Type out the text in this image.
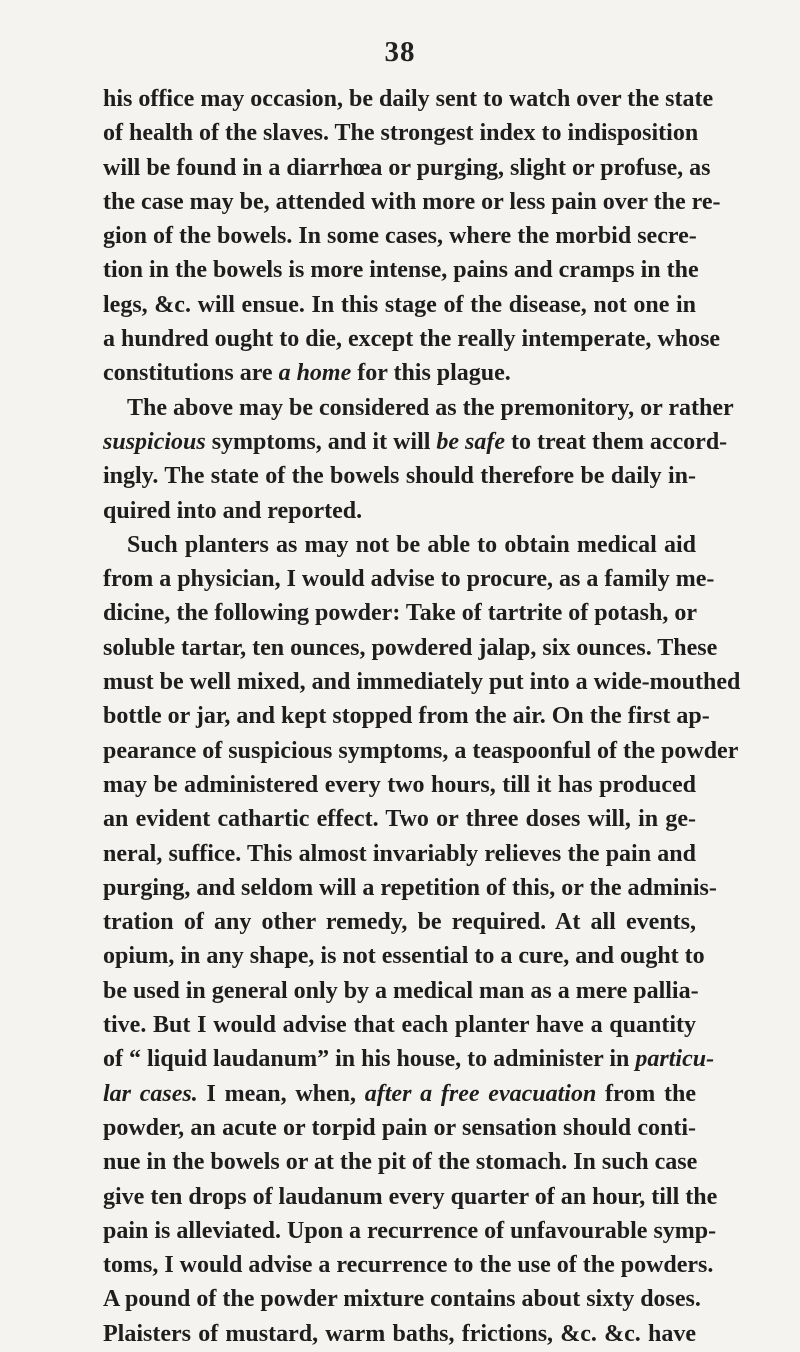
38
his office may occasion, be daily sent to watch over the state
of health of the slaves. The strongest index to indisposition
will be found in a diarrhœa or purging, slight or profuse, as
the case may be, attended with more or less pain over the re-
gion of the bowels. In some cases, where the morbid secre-
tion in the bowels is more intense, pains and cramps in the
legs, &c. will ensue. In this stage of the disease, not one in
a hundred ought to die, except the really intemperate, whose
constitutions are a home for this plague.
The above may be considered as the premonitory, or rather
suspicious symptoms, and it will be safe to treat them accord-
ingly. The state of the bowels should therefore be daily in-
quired into and reported.
Such planters as may not be able to obtain medical aid
from a physician, I would advise to procure, as a family me-
dicine, the following powder: Take of tartrite of potash, or
soluble tartar, ten ounces, powdered jalap, six ounces. These
must be well mixed, and immediately put into a wide-mouthed
bottle or jar, and kept stopped from the air. On the first ap-
pearance of suspicious symptoms, a teaspoonful of the powder
may be administered every two hours, till it has produced
an evident cathartic effect. Two or three doses will, in ge-
neral, suffice. This almost invariably relieves the pain and
purging, and seldom will a repetition of this, or the adminis-
tration of any other remedy, be required. At all events,
opium, in any shape, is not essential to a cure, and ought to
be used in general only by a medical man as a mere pallia-
tive. But I would advise that each planter have a quantity
of “ liquid laudanum” in his house, to administer in particu-
lar cases. I mean, when, after a free evacuation from the
powder, an acute or torpid pain or sensation should conti-
nue in the bowels or at the pit of the stomach. In such case
give ten drops of laudanum every quarter of an hour, till the
pain is alleviated. Upon a recurrence of unfavourable symp-
toms, I would advise a recurrence to the use of the powders.
A pound of the powder mixture contains about sixty doses.
Plaisters of mustard, warm baths, frictions, &c. &c. have
